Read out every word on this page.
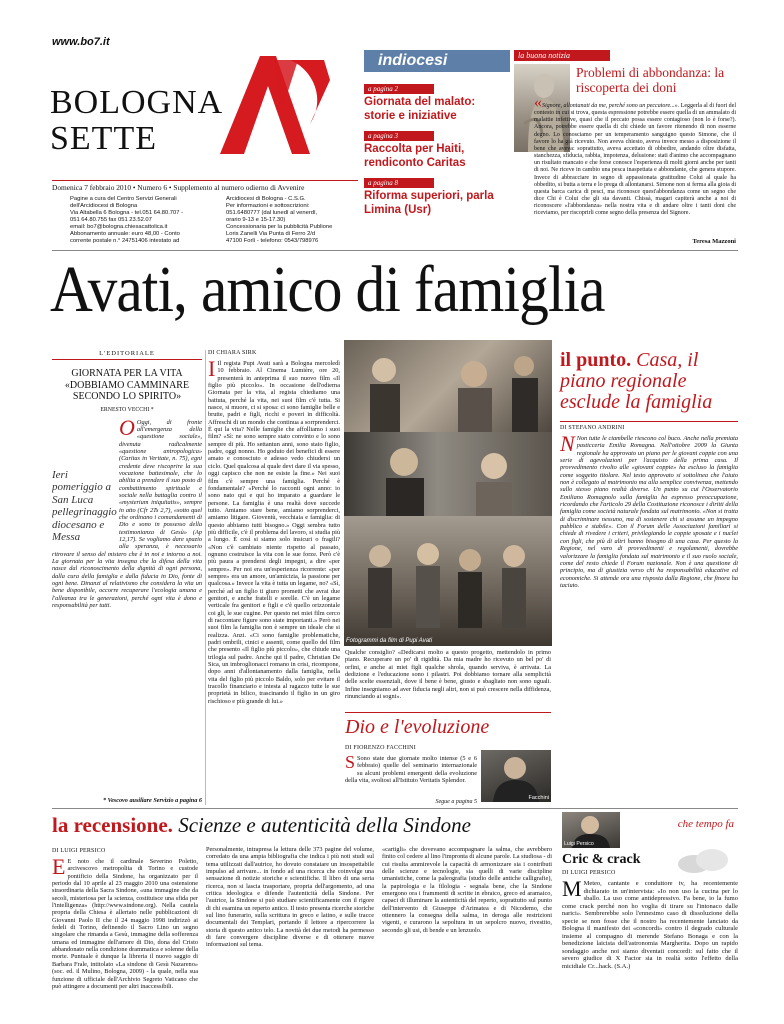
www.bo7.it
BOLOGNA
SETTE
Domenica 7 febbraio 2010 • Numero 6 • Supplemento al numero odierno di Avvenire
Pagine a cura del Centro Servizi Generali
dell'Arcidiocesi di Bologna
Via Altabella 6 Bologna - tel.051 64.80.707 -
051 64.80.755 fax 051 23.52.07
email: bo7@bologna.chiesacattolica.it
Abbonamento annuale: euro 48,00 - Conto
corrente postale n.° 24751406 intestato ad
Arcidiocesi di Bologna - C.S.G.
Per informazioni e sottoscrizioni:
051.6480777 (dal lunedì al venerdì,
orario 9-13 e 15-17.30)
Concessionaria per la pubblicità Publione
Loris Zanelli Via Punta di Ferro 2/d
47100 Forlì - telefono: 0543/798976
indiocesi
a pagina 2
Giornata del malato: storie e iniziative
a pagina 3
Raccolta per Haiti, rendiconto Caritas
a pagina 8
Riforma superiori, parla Limina (Usr)
la buona notizia
Problemi di abbondanza: la riscoperta dei doni
«Signore, allontanati da me, perché sono un peccatore...». Leggerla al di fuori del contesto in cui si trova, questa espressione potrebbe essere quella di un ammalato di malattie infettive, quasi che il peccato possa essere contagioso (non lo è forse?). Ancora, potrebbe essere quella di chi chiede un favore ritenendo di non esserne degno. Lo conosciamo per un temperamento sanguigno questo Simone, che il favore lo ha già ricevuto. Non aveva chiesto, aveva invece messo a disposizione il bene che aveva: soprattutto, aveva accettato di obbedire, andando oltre disfatta, stanchezza, sfiducia, rabbia, impotenza, delusione: stati d'animo che accompagnano un risultato mancato e che forse conosce l'esperienza di molti giorni anche per tanti di noi. Ne riceve in cambio una pesca inaspettata e abbondante, che genera stupore. Invece di abbracciare in segno di appassionata gratitudine Colui al quale ha obbedito, si butta a terra e lo prega di allontanarsi. Simone non si ferma alla gioia di questa barca carica di pesci, ma riconosce quest'abbondanza come un segno che dice Chi è Colui che gli sta davanti. Chissà, magari capiterà anche a noi di riconoscere «l'abbondanza» nella nostra vita e di andare oltre i tanti doni che riceviamo, per riscoprirli come segno della presenza del Signore.
Teresa Mazzoni
Avati, amico di famiglia
L'EDITORIALE
GIORNATA PER LA VITA «DOBBIAMO CAMMINARE SECONDO LO SPIRITO»
ERNESTO VECCHI *
Ieri pomeriggio a San Luca pellegrinaggio diocesano e Messa
O Oggi, di fronte all'emergenza della «questione sociale», divenuta radicalmente «questione antropologica» (Caritas in Veritate, n. 75), egni credente deve riscoprire la sua vocazione battesimale, che lo abilita a prendere il suo posto di combattimento spirituale e sociale nella battaglia contro il «mysterium iniquitatis», sempre in atto (Cfr 2Ts 2,7), «sotto quel che ordinano i comandamenti di Dio e sono in possesso della testimonianza di Gesù» (Ap 12,17). Se vogliamo dare spazio alla speranza, è necessario ritrovare il senso del mistero che è in noi e intorno a noi. La giornata per la vita insegna che la difesa della vita nasce dal riconoscimento della dignità di ogni persona, dalla cura della famiglia e dalla fiducia in Dio, fonte di ogni bene. Dinanzi al relativismo che considera la vita un bene disponibile, occorre recuperare l'ecologia umana e l'alleanza tra le generazioni, perché ogni vita è dono e responsabilità per tutti.
* Vescovo ausiliare Servizio a pagina 6
DI CHIARA SIRK
I Il regista Pupi Avati sarà a Bologna mercoledì 10 febbraio. Al Cinema Lumière, ore 20, presenterà in anteprima il suo nuovo film «Il figlio più piccolo». In occasione dell'odierna Giornata per la vita, al regista chiediamo una battuta, perché la vita, nei suoi film c'è tutta. Si nasce, si muore, ci si sposa: ci sono famiglie belle e brutte, padri e figli, ricchi e poveri in difficoltà. Affreschi di un mondo che continua a sorrprenderci. È qui la vita? Nelle famiglie che affolliamo i suoi film? «Sì: ne sono sempre stato convinto e lo sono sempre di più. Ho settantun anni, sono stato figlio, padre, oggi nonno. Ho goduto dei benefici di essere amato e conosciuto e adesso vedo chiudersi un ciclo. Quel qualcosa al quale devi dare il via spesso, oggi capisco che non ne esiste la fine.» Nei suoi film c'è sempre una famiglia. Perché è fondamentale? «Perché lo racconti ogni anno: io sono nato qui e qui ho imparato a guardare le persone. La famiglia è una realtà dove succede tutto. Amiamo stare bene, amiamo sorprenderci, amiamo litigare. Gioventù, vecchiaia e famiglia: di questo abbiamo tutti bisogno.» Oggi sembra tutto più difficile, c'è il problema del lavoro, si studia più a lungo. È così si siamo solo insicuri o fragili? «Non c'è cambiato niente rispetto al passato, ognuno costruisce la vita con le sue forze. Però c'è più paura a prendersi degli impegni, a dire «per sempre». Per noi era un'esperienza ricorrente: «per sempre» era un amore, un'amicizia, la passione per qualcosa.» Invece la vita è tutta un legame, no? «Sì, perché ad un figlio ti giuro prometti che avrai due genitori, e anche fratelli e sorelle. C'è un legame verticale fra genitori e figli e c'è quello orizzontale coi gli, le sue cugine. Per questo nei miei film cerco di raccontare figure sono state importanti.» Però nei suoi film la famiglia non è sempre un ideale che si realizza. Anzi. «Ci sono famiglie problematiche, padri ombrili, cinici e assenti, come quello del film che presento «Il figlio più piccolo», che chiude una trilogia sul padre. Anche qui il padre, Christian De Sica, un imbroglionacci romano in crisi, ricompone, dopo anni d'allontanamento dalla famiglia, nella vita del figlio più piccolo Baldo, solo per evitare il tracollo finanziario e intesta al ragazzo tutte le sue proprietà in bilico, trascinando il figlio in un giro rischioso e più grande di lui.»
Fotogrammi da film di Pupi Avati
Qualche consiglio? «Dedicarsi molto a questo progetto, mettendolo in primo piano. Recuperare un po' di rigidità. Da mia madre ho ricevuto un bel po' di orfini, e anche ai miei figli qualche shrola, quando serviva, è arrivata. La dedizione e l'educazione sono i pilastri. Poi dobbiamo tornare alla semplicità delle scelte essenziali, dove il bene è bene, giusto e sbagliato non sono uguali. Infine insegniamo ad aver fiducia negli altri, non si può crescere nella diffidenza, rinunciando ai sogni».
Dio e l'evoluzione
DI FIORENZO FACCHINI
Facchini
S Sono state due giornate molto intense (5 e 6 febbraio) quelle del seminario internazionale su alcuni problemi emergenti della evoluzione della vita, svoltosi all'Istituto Veritatis Splendor.
Segue a pagina 5
il punto. Casa, il piano regionale esclude la famiglia
DI STEFANO ANDRINI
N Non tutte le ciambelle riescono col buco. Anche nella premiata pasticceria Emilia Romagna. Nell'ottobre 2009 la Giunta regionale ha approvato un piano per le giovani coppie con una serie di agevolazioni per l'acquisto della prima casa. Il provvedimento rivolto alle «giovani coppie» ha escluso la famiglia come soggetto titolare. Nel testo approvato si sottolinea che l'aiuto non è collegato al matrimonio ma alla semplice convivenza, mettendo sullo stesso piano realtà diverse. Un punto su cui l'Osservatorio Emiliano Romagnolo sulla famiglia ha espresso preoccupazione, ricordando che l'articolo 29 della Costituzione riconosce i diritti della famiglia come società naturale fondata sul matrimonio. «Non si tratta di discriminare nessuno, ma di sostenere chi si assume un impegno pubblico e stabile». Con il Forum delle Associazioni familiari si chiede di rivedere i criteri, privilegiando le coppie sposate e i nuclei con figli, che più di altri hanno bisogno di una casa. Per questo la Regione, nel varo di provvedimenti e regolamenti, dovrebbe valorizzare la famiglia fondata sul matrimonio e il suo ruolo sociale, come del resto chiede il Forum nazionale. Non è una questione di principio, ma di giustizia verso chi ha responsabilità educative ed economiche. Si attende ora una risposta dalla Regione, che finora ha taciuto.
la recensione. Scienze e autenticità della Sindone
DI LUIGI PERSICO
E E noto che il cardinale Severino Poletto, arcivescovo metropolita di Torino e custode pontificio della Sindone, ha organizzato per il periodo dal 10 aprile al 23 maggio 2010 una ostensione straordinaria della Sacra Sindone, «una immagine che da secoli, misteriosa per la scienza, costituisce una sfida per l'intelligenza» (http://www.sindone.org). Nella cautela propria della Chiesa è allertato nelle pubblicazioni di Giovanni Paolo II che il 24 maggio 1998 indirizzò ai fedeli di Torino, definendo il Sacro Lino un segno singolare che rimanda a Gesù, immagine della sofferenza umana ed immagine dell'amore di Dio, dona del Cristo abbandonato nella condizione drammatica e solenne della morte. Puntuale è dunque la libreria il nuovo saggio di Barbara Frale, intitolato «La sindone di Gesù Nazareno» (soc. ed. il Mulino, Bologna, 2009) - la quale, nella sua funzione di ufficiale dell'Archivio Segreto Vaticano che può attingere a documenti per altri inaccessibili.
Personalmente, intrapresa la lettura delle 373 pagine del volume, corredato da una ampia bibliografia che indica i più noti studi sul tema utilizzati dall'autrice, ho dovuto constatare un insospettabile impulso ad arrivare... in fondo ad una ricerca che coinvolge una sensazione di notizie storiche e scientifiche. Il libro di una seria ricerca, non si lascia trasportare, propria dell'argomento, ad una critica ideologica e difende l'autenticità della Sindone. Per l'autrice, la Sindone si può studiare scientificamente con il rigore di chi esamina un reperto antico. Il testo presenta ricerche storiche sul lino funerario, sulla scrittura in greco e latino, e sulle tracce documentali dei Templari, portando il lettore a ripercorrere la storia di questo antico telo. La novità dei due metodi ha permesso di fare convergere discipline diverse e di ottenere nuove informazioni sul tema.
«cartigli» che dovevano accompagnare la salma, che avrebbero finito col cedere al lino l'impronta di alcune parole. La studiosa - di cui risulta ammirevole la capacità di armonizzare sia i contributi delle scienze e tecnologie, sia quelli di varie discipline umanistiche, come la paleografia (studio delle antiche calligrafie), la papirologia e la filologia - segnala bene, che la Sindone emergono ora i frammenti di scritte in ebraico, greco ed aramaico, capaci di illuminare la autenticità del reperto, soprattutto sul punto dell'intervento di Giuseppe d'Arimatea e di Nicodemo, che ottennero la consegna della salma, in deroga alle restrizioni vigenti, e curarono la sepoltura in un sepolcro nuovo, rivestito, secondo gli usi, di bende e un lenzuolo.
Luigi Persico
che tempo fa
Cric & crack
DI LUIGI PERSICO
M Meteo, cantante e conduttore tv, ha recentemente dichiarato in un'intervista: «Io non uso la cucina per lo sballo. La uso come antidepressivo. Fa bene, io la fumo come crack perché non ho voglia di tirare su l'intonaco dalle narici». Sembrerebbe solo l'ennesimo caso di dissoluzione della specie se non fosse che il nostro ha recentemente lanciato da Bologna il manifesto dei «concordi» contro il degrado culturale insieme al compagno di merende Stefano Bonaga e con la benedizione laicista dell'astronomia Margherita. Dopo un rapido sondaggio anche noi siamo diventati concordi: sul fatto che il severo giudice di X Factor sia in realtà sotto l'effetto della micidiale Cr...hack. (S.A.)
